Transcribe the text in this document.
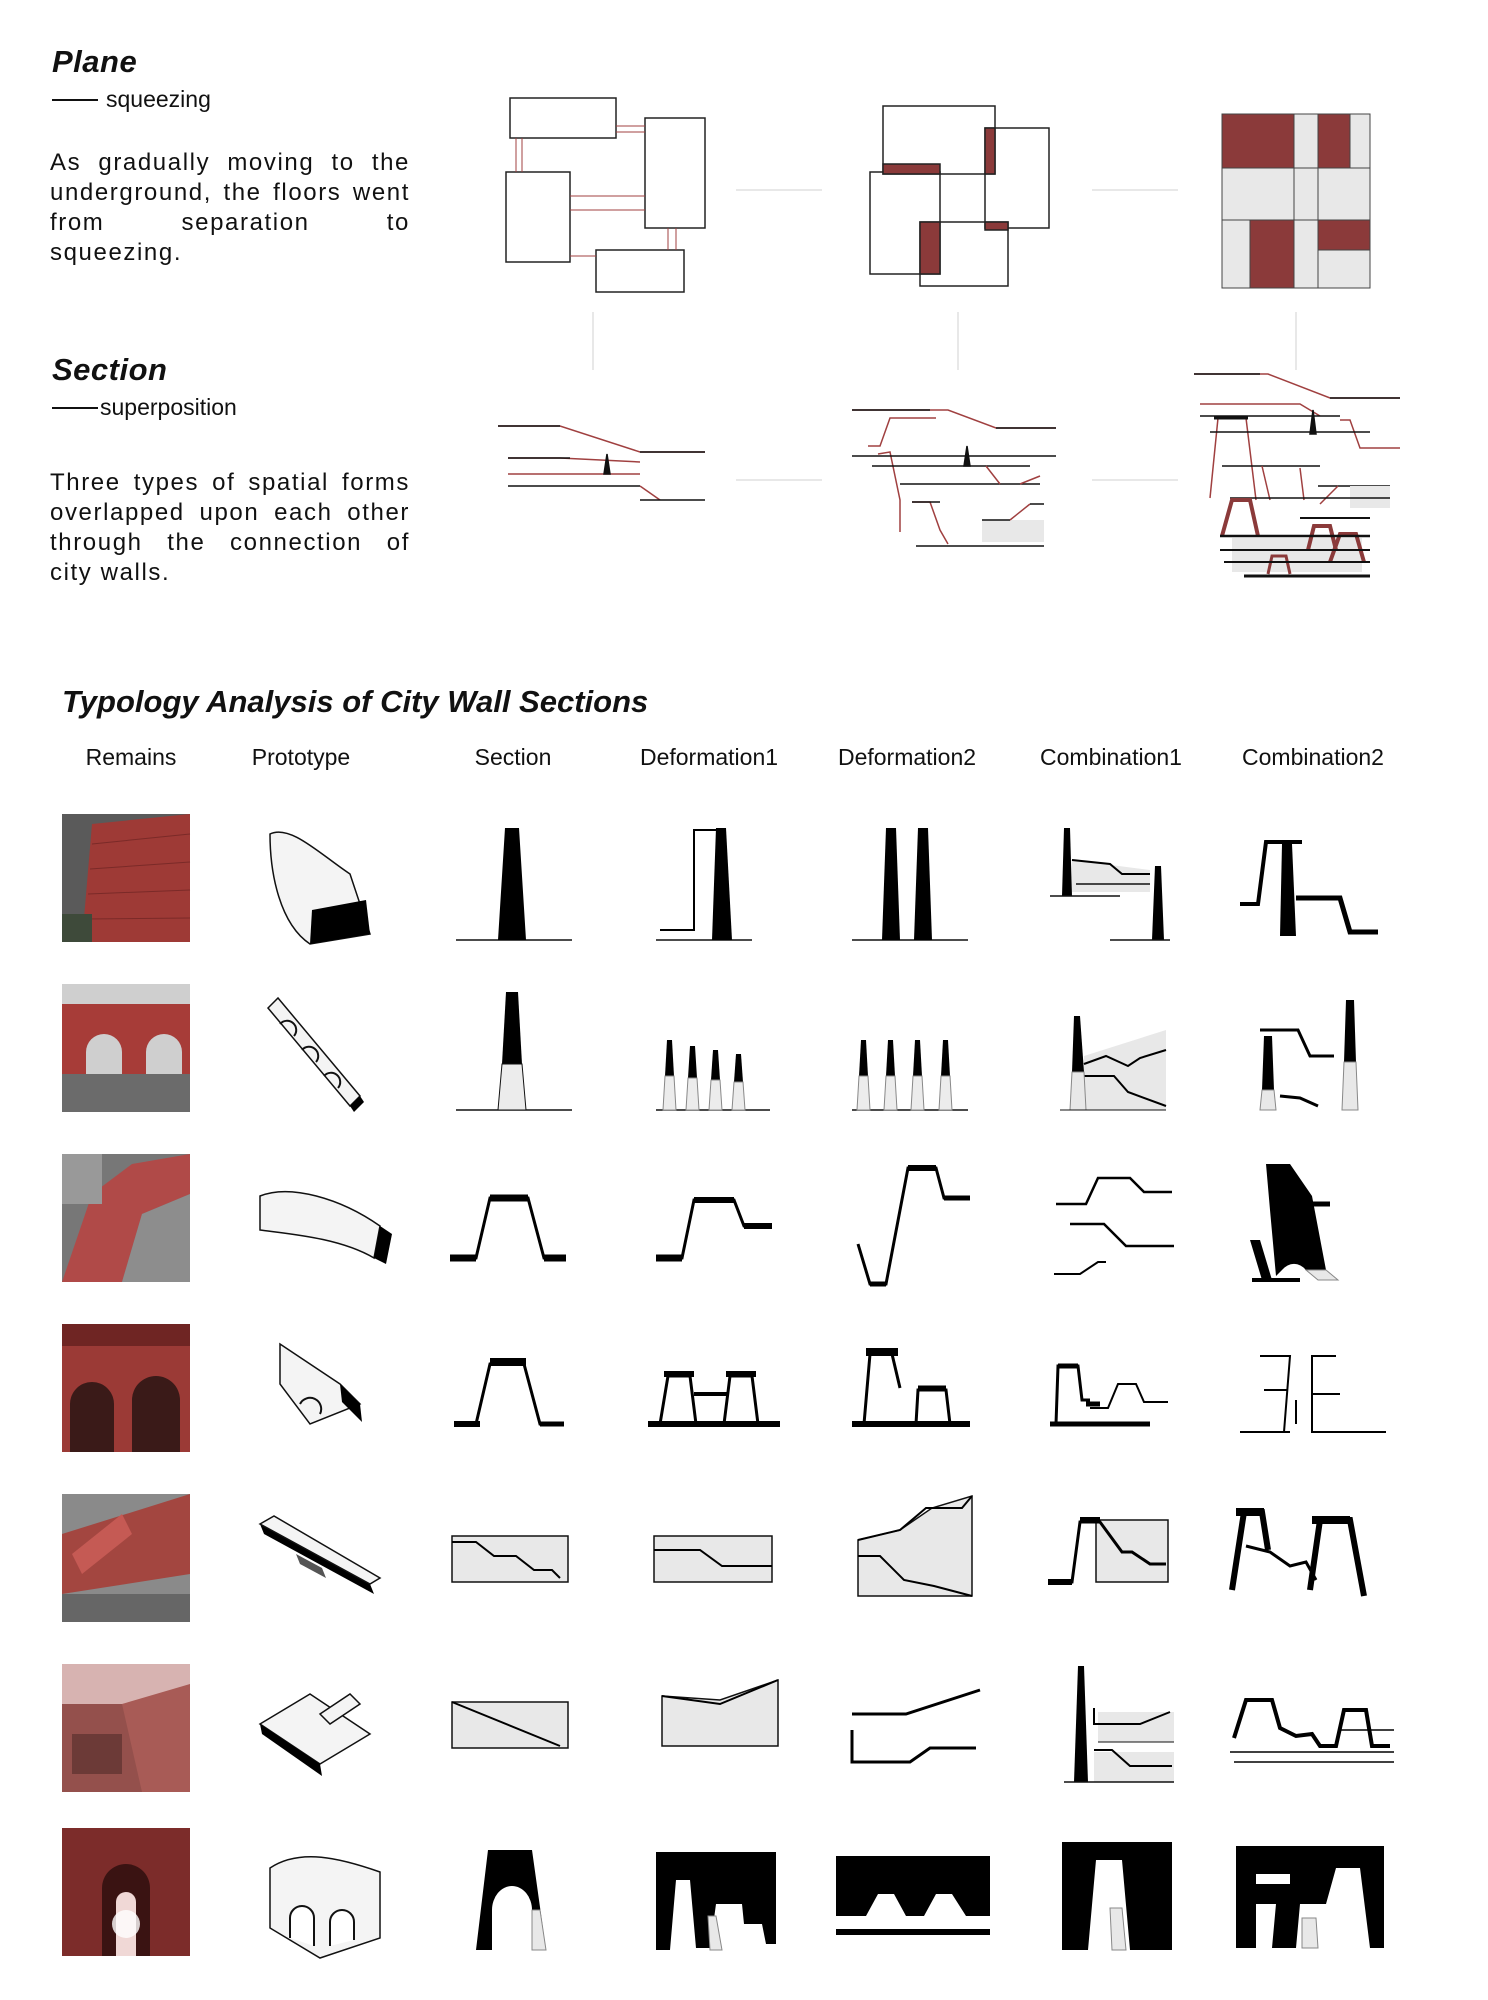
Plane
squeezing
As gradually moving to the underground, the floors went from separation to squeezing.
Section
superposition
Three types of spatial forms overlapped upon each other through the connection of city walls.
Typology Analysis of City Wall Sections
Remains	Prototype	Section	Deformation1	Deformation2	Combination1	Combination2
